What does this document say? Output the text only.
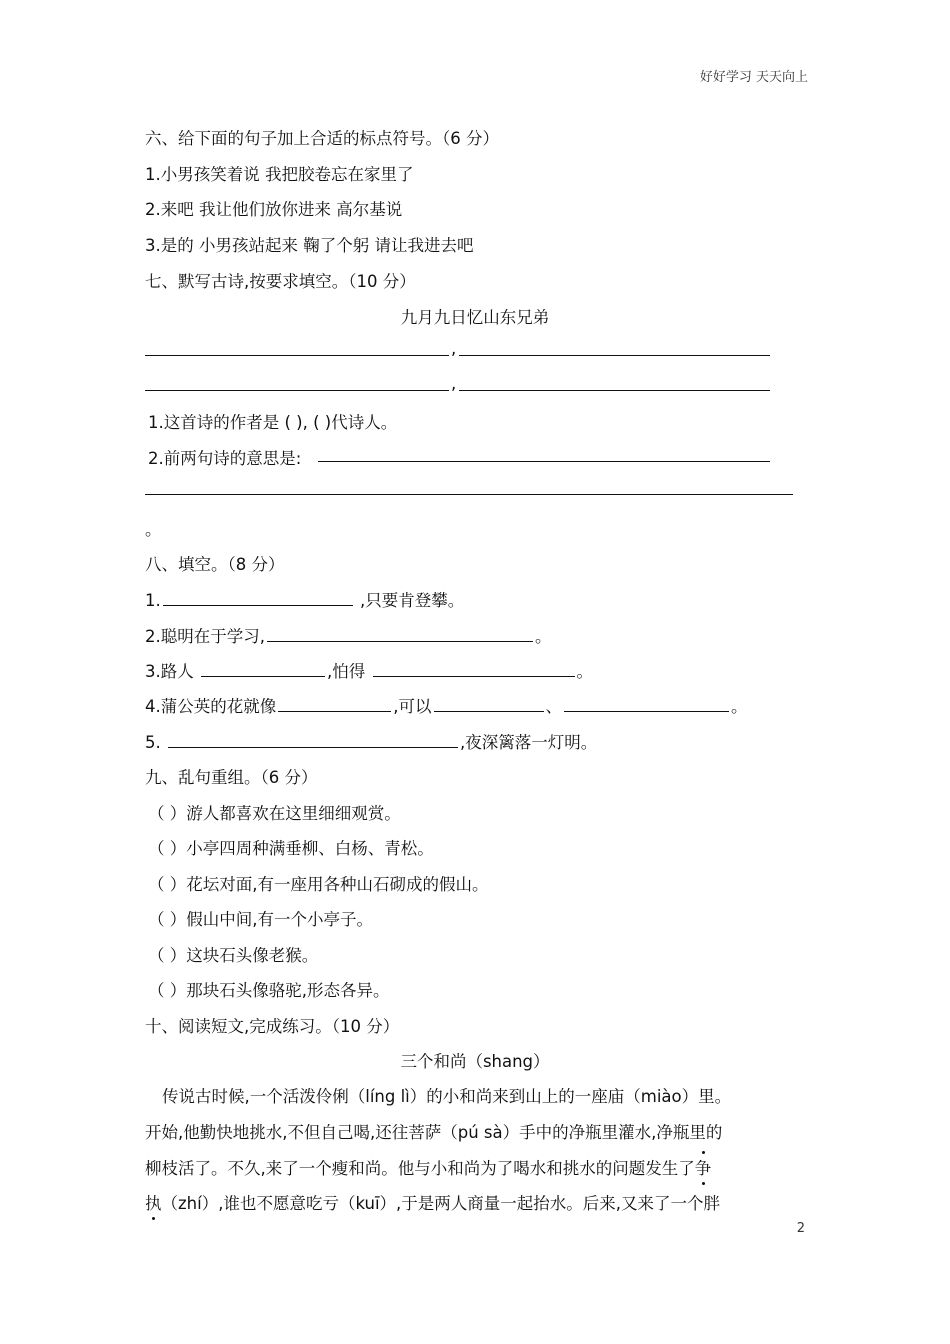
好好学习 天天向上
六、给下面的句子加上合适的标点符号。（6 分）
1.小男孩笑着说 我把胶卷忘在家里了
2.来吧 我让他们放你进来 高尔基说
3.是的 小男孩站起来 鞠了个躬 请让我进去吧
七、默写古诗,按要求填空。（10 分）
九月九日忆山东兄弟
,
,
1.这首诗的作者是 ( ), ( )代诗人。
2.前两句诗的意思是:
。
八、填空。（8 分）
1.	,只要肯登攀。
2.聪明在于学习,	。
3.路人	,怕得	。
4.蒲公英的花就像	,可以	、	。
5.	,夜深篱落一灯明。
九、乱句重组。（6 分）
（ ）游人都喜欢在这里细细观赏。
（ ）小亭四周种满垂柳、白杨、青松。
（ ）花坛对面,有一座用各种山石砌成的假山。
（ ）假山中间,有一个小亭子。
（ ）这块石头像老猴。
（ ）那块石头像骆驼,形态各异。
十、阅读短文,完成练习。（10 分）
三个和尚（shang）
传说古时候,一个活泼伶俐（líng lì）的小和尚来到山上的一座庙（miào）里。
开始,他勤快地挑水,不但自己喝,还往菩萨（pú sà）手中的净瓶里灌水,净瓶里的
柳枝活了。不久,来了一个瘦和尚。他与小和尚为了喝水和挑水的问题发生了争
执（zhí）,谁也不愿意吃亏（kuī）,于是两人商量一起抬水。后来,又来了一个胖
2
